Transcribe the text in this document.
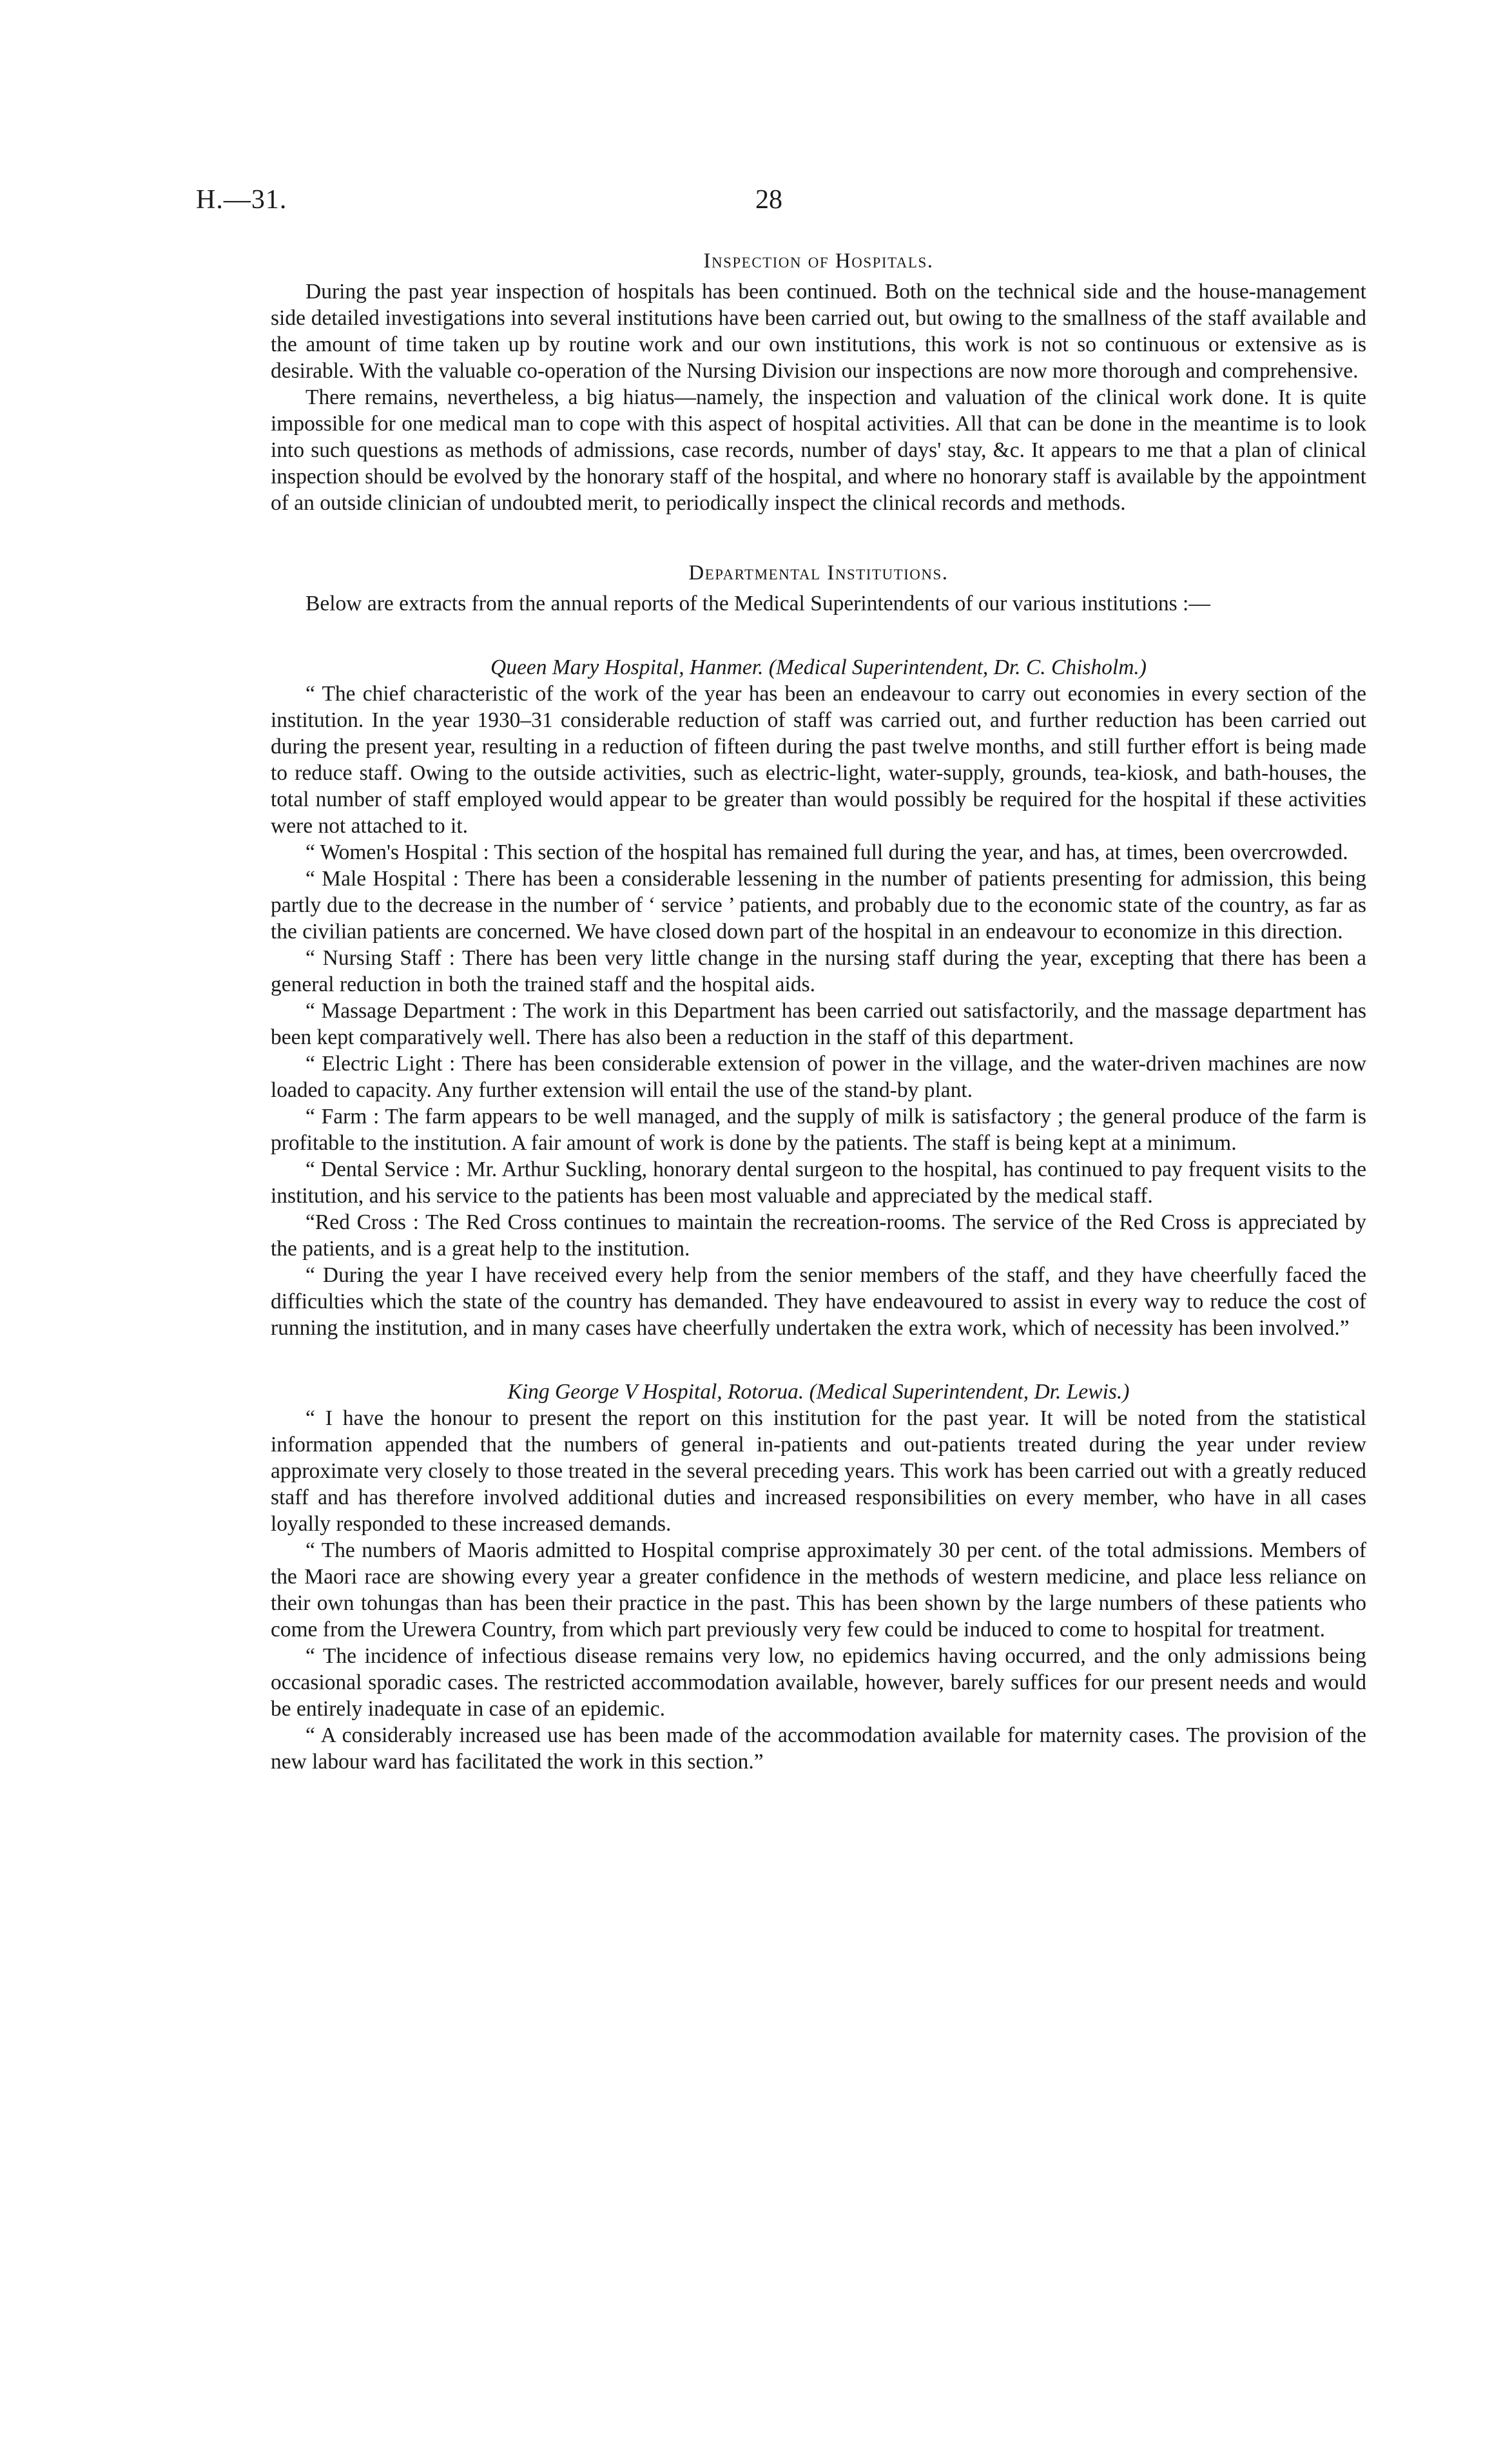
H.—31.	28
Inspection of Hospitals.

During the past year inspection of hospitals has been continued. Both on the technical side and the house-management side detailed investigations into several institutions have been carried out, but owing to the smallness of the staff available and the amount of time taken up by routine work and our own institutions, this work is not so continuous or extensive as is desirable. With the valuable co-operation of the Nursing Division our inspections are now more thorough and comprehensive.

There remains, nevertheless, a big hiatus—namely, the inspection and valuation of the clinical work done. It is quite impossible for one medical man to cope with this aspect of hospital activities. All that can be done in the meantime is to look into such questions as methods of admissions, case records, number of days' stay, &c. It appears to me that a plan of clinical inspection should be evolved by the honorary staff of the hospital, and where no honorary staff is available by the appointment of an outside clinician of undoubted merit, to periodically inspect the clinical records and methods.

Departmental Institutions.

Below are extracts from the annual reports of the Medical Superintendents of our various institutions :—

Queen Mary Hospital, Hanmer. (Medical Superintendent, Dr. C. Chisholm.)

“ The chief characteristic of the work of the year has been an endeavour to carry out economies in every section of the institution. In the year 1930–31 considerable reduction of staff was carried out, and further reduction has been carried out during the present year, resulting in a reduction of fifteen during the past twelve months, and still further effort is being made to reduce staff. Owing to the outside activities, such as electric-light, water-supply, grounds, tea-kiosk, and bath-houses, the total number of staff employed would appear to be greater than would possibly be required for the hospital if these activities were not attached to it.

“ Women's Hospital : This section of the hospital has remained full during the year, and has, at times, been overcrowded.

“ Male Hospital : There has been a considerable lessening in the number of patients presenting for admission, this being partly due to the decrease in the number of ‘ service ’ patients, and probably due to the economic state of the country, as far as the civilian patients are concerned. We have closed down part of the hospital in an endeavour to economize in this direction.

“ Nursing Staff : There has been very little change in the nursing staff during the year, excepting that there has been a general reduction in both the trained staff and the hospital aids.

“ Massage Department : The work in this Department has been carried out satisfactorily, and the massage department has been kept comparatively well. There has also been a reduction in the staff of this department.

“ Electric Light : There has been considerable extension of power in the village, and the water-driven machines are now loaded to capacity. Any further extension will entail the use of the stand-by plant.

“ Farm : The farm appears to be well managed, and the supply of milk is satisfactory ; the general produce of the farm is profitable to the institution. A fair amount of work is done by the patients. The staff is being kept at a minimum.

“ Dental Service : Mr. Arthur Suckling, honorary dental surgeon to the hospital, has continued to pay frequent visits to the institution, and his service to the patients has been most valuable and appreciated by the medical staff.

“Red Cross : The Red Cross continues to maintain the recreation-rooms. The service of the Red Cross is appreciated by the patients, and is a great help to the institution.

“ During the year I have received every help from the senior members of the staff, and they have cheerfully faced the difficulties which the state of the country has demanded. They have endeavoured to assist in every way to reduce the cost of running the institution, and in many cases have cheerfully undertaken the extra work, which of necessity has been involved.”

King George V Hospital, Rotorua. (Medical Superintendent, Dr. Lewis.)

“ I have the honour to present the report on this institution for the past year. It will be noted from the statistical information appended that the numbers of general in-patients and out-patients treated during the year under review approximate very closely to those treated in the several preceding years. This work has been carried out with a greatly reduced staff and has therefore involved additional duties and increased responsibilities on every member, who have in all cases loyally responded to these increased demands.

“ The numbers of Maoris admitted to Hospital comprise approximately 30 per cent. of the total admissions. Members of the Maori race are showing every year a greater confidence in the methods of western medicine, and place less reliance on their own tohungas than has been their practice in the past. This has been shown by the large numbers of these patients who come from the Urewera Country, from which part previously very few could be induced to come to hospital for treatment.

“ The incidence of infectious disease remains very low, no epidemics having occurred, and the only admissions being occasional sporadic cases. The restricted accommodation available, however, barely suffices for our present needs and would be entirely inadequate in case of an epidemic.

“ A considerably increased use has been made of the accommodation available for maternity cases. The provision of the new labour ward has facilitated the work in this section.”
